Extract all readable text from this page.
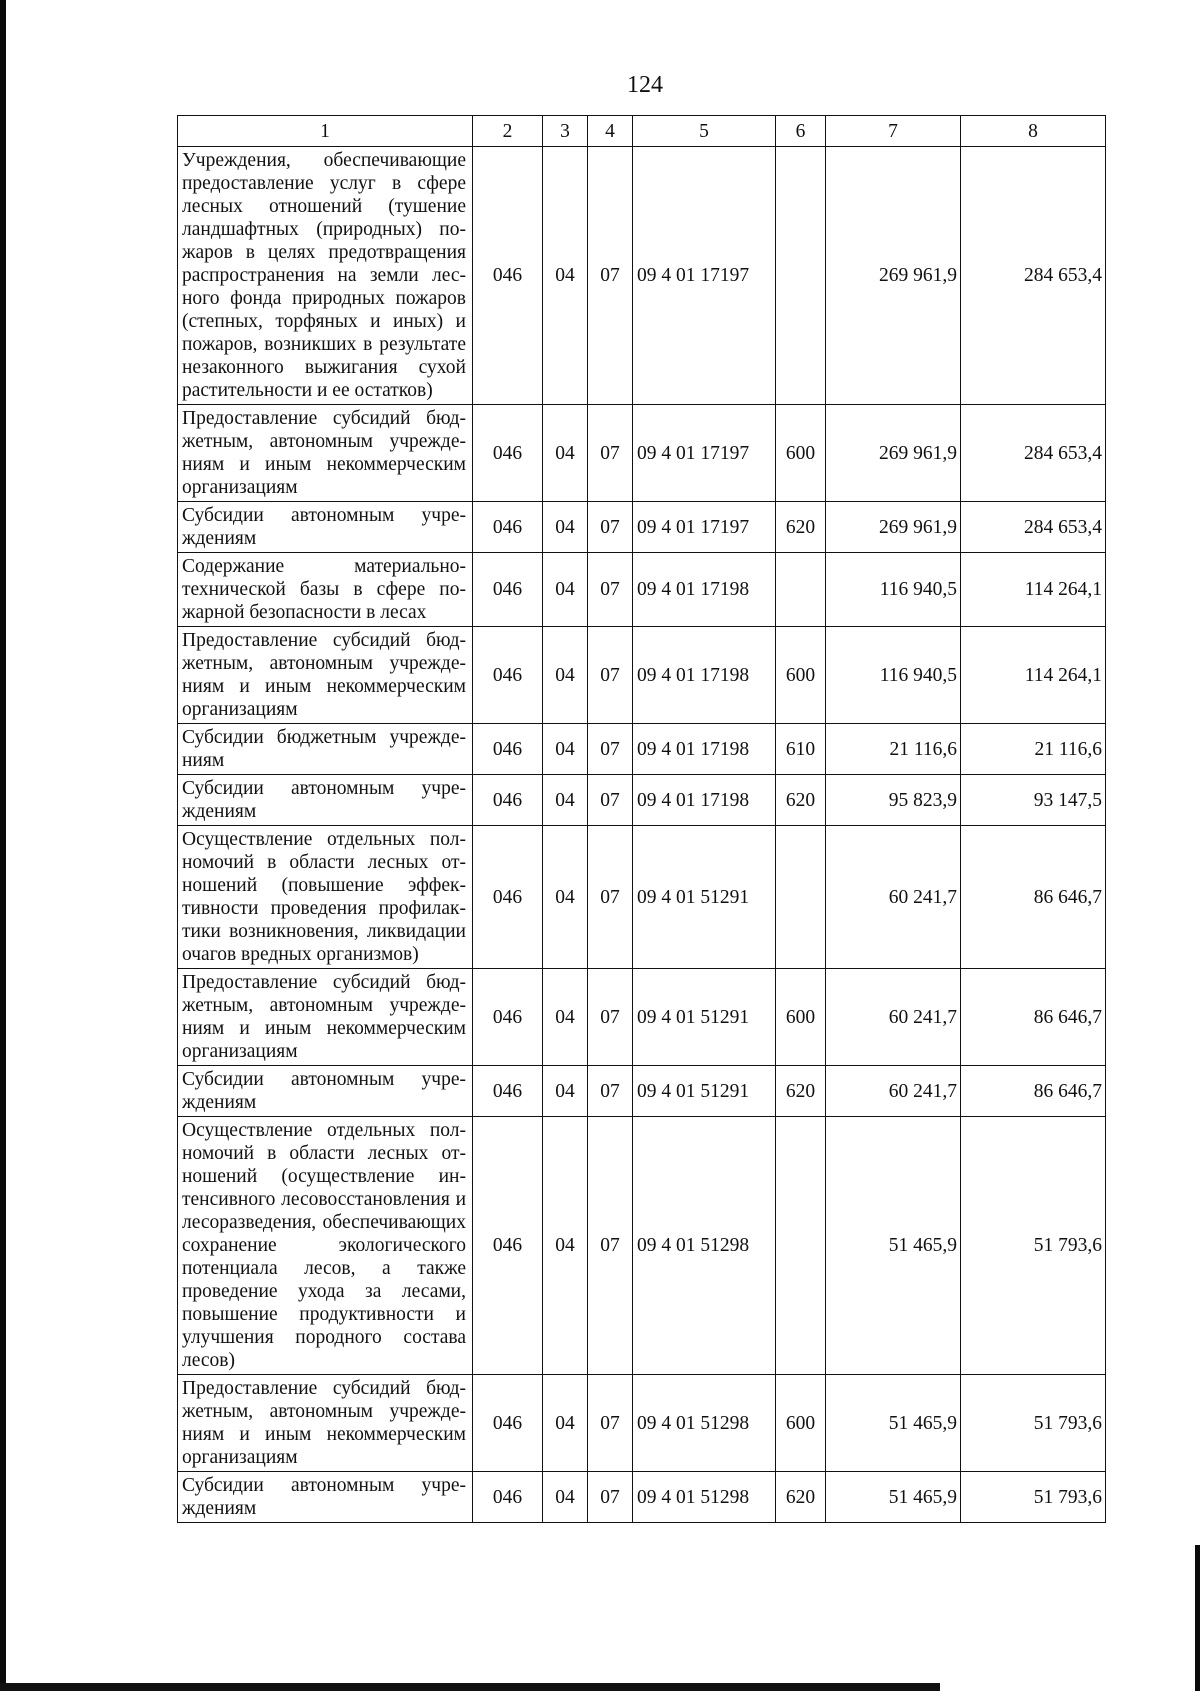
124
1	2	3	4	5	6	7	8
Учреждения, обеспечивающие предоставление услуг в сфере лесных отношений (тушение ландшафтных (природных) пожаров в целях предотвращения распространения на земли лесного фонда природных пожаров (степных, торфяных и иных) и пожаров, возникших в результате незаконного выжигания сухой растительности и ее остатков)	046	04	07	09 4 01 17197		269 961,9	284 653,4
Предоставление субсидий бюджетным, автономным учреждениям и иным некоммерческим организациям	046	04	07	09 4 01 17197	600	269 961,9	284 653,4
Субсидии автономным учреждениям	046	04	07	09 4 01 17197	620	269 961,9	284 653,4
Содержание материально-технической базы в сфере пожарной безопасности в лесах	046	04	07	09 4 01 17198		116 940,5	114 264,1
Предоставление субсидий бюджетным, автономным учреждениям и иным некоммерческим организациям	046	04	07	09 4 01 17198	600	116 940,5	114 264,1
Субсидии бюджетным учреждениям	046	04	07	09 4 01 17198	610	21 116,6	21 116,6
Субсидии автономным учреждениям	046	04	07	09 4 01 17198	620	95 823,9	93 147,5
Осуществление отдельных полномочий в области лесных отношений (повышение эффективности проведения профилактики возникновения, ликвидации очагов вредных организмов)	046	04	07	09 4 01 51291		60 241,7	86 646,7
Предоставление субсидий бюджетным, автономным учреждениям и иным некоммерческим организациям	046	04	07	09 4 01 51291	600	60 241,7	86 646,7
Субсидии автономным учреждениям	046	04	07	09 4 01 51291	620	60 241,7	86 646,7
Осуществление отдельных полномочий в области лесных отношений (осуществление интенсивного лесовосстановления и лесоразведения, обеспечивающих сохранение экологического потенциала лесов, а также проведение ухода за лесами, повышение продуктивности и улучшения породного состава лесов)	046	04	07	09 4 01 51298		51 465,9	51 793,6
Предоставление субсидий бюджетным, автономным учреждениям и иным некоммерческим организациям	046	04	07	09 4 01 51298	600	51 465,9	51 793,6
Субсидии автономным учреждениям	046	04	07	09 4 01 51298	620	51 465,9	51 793,6
